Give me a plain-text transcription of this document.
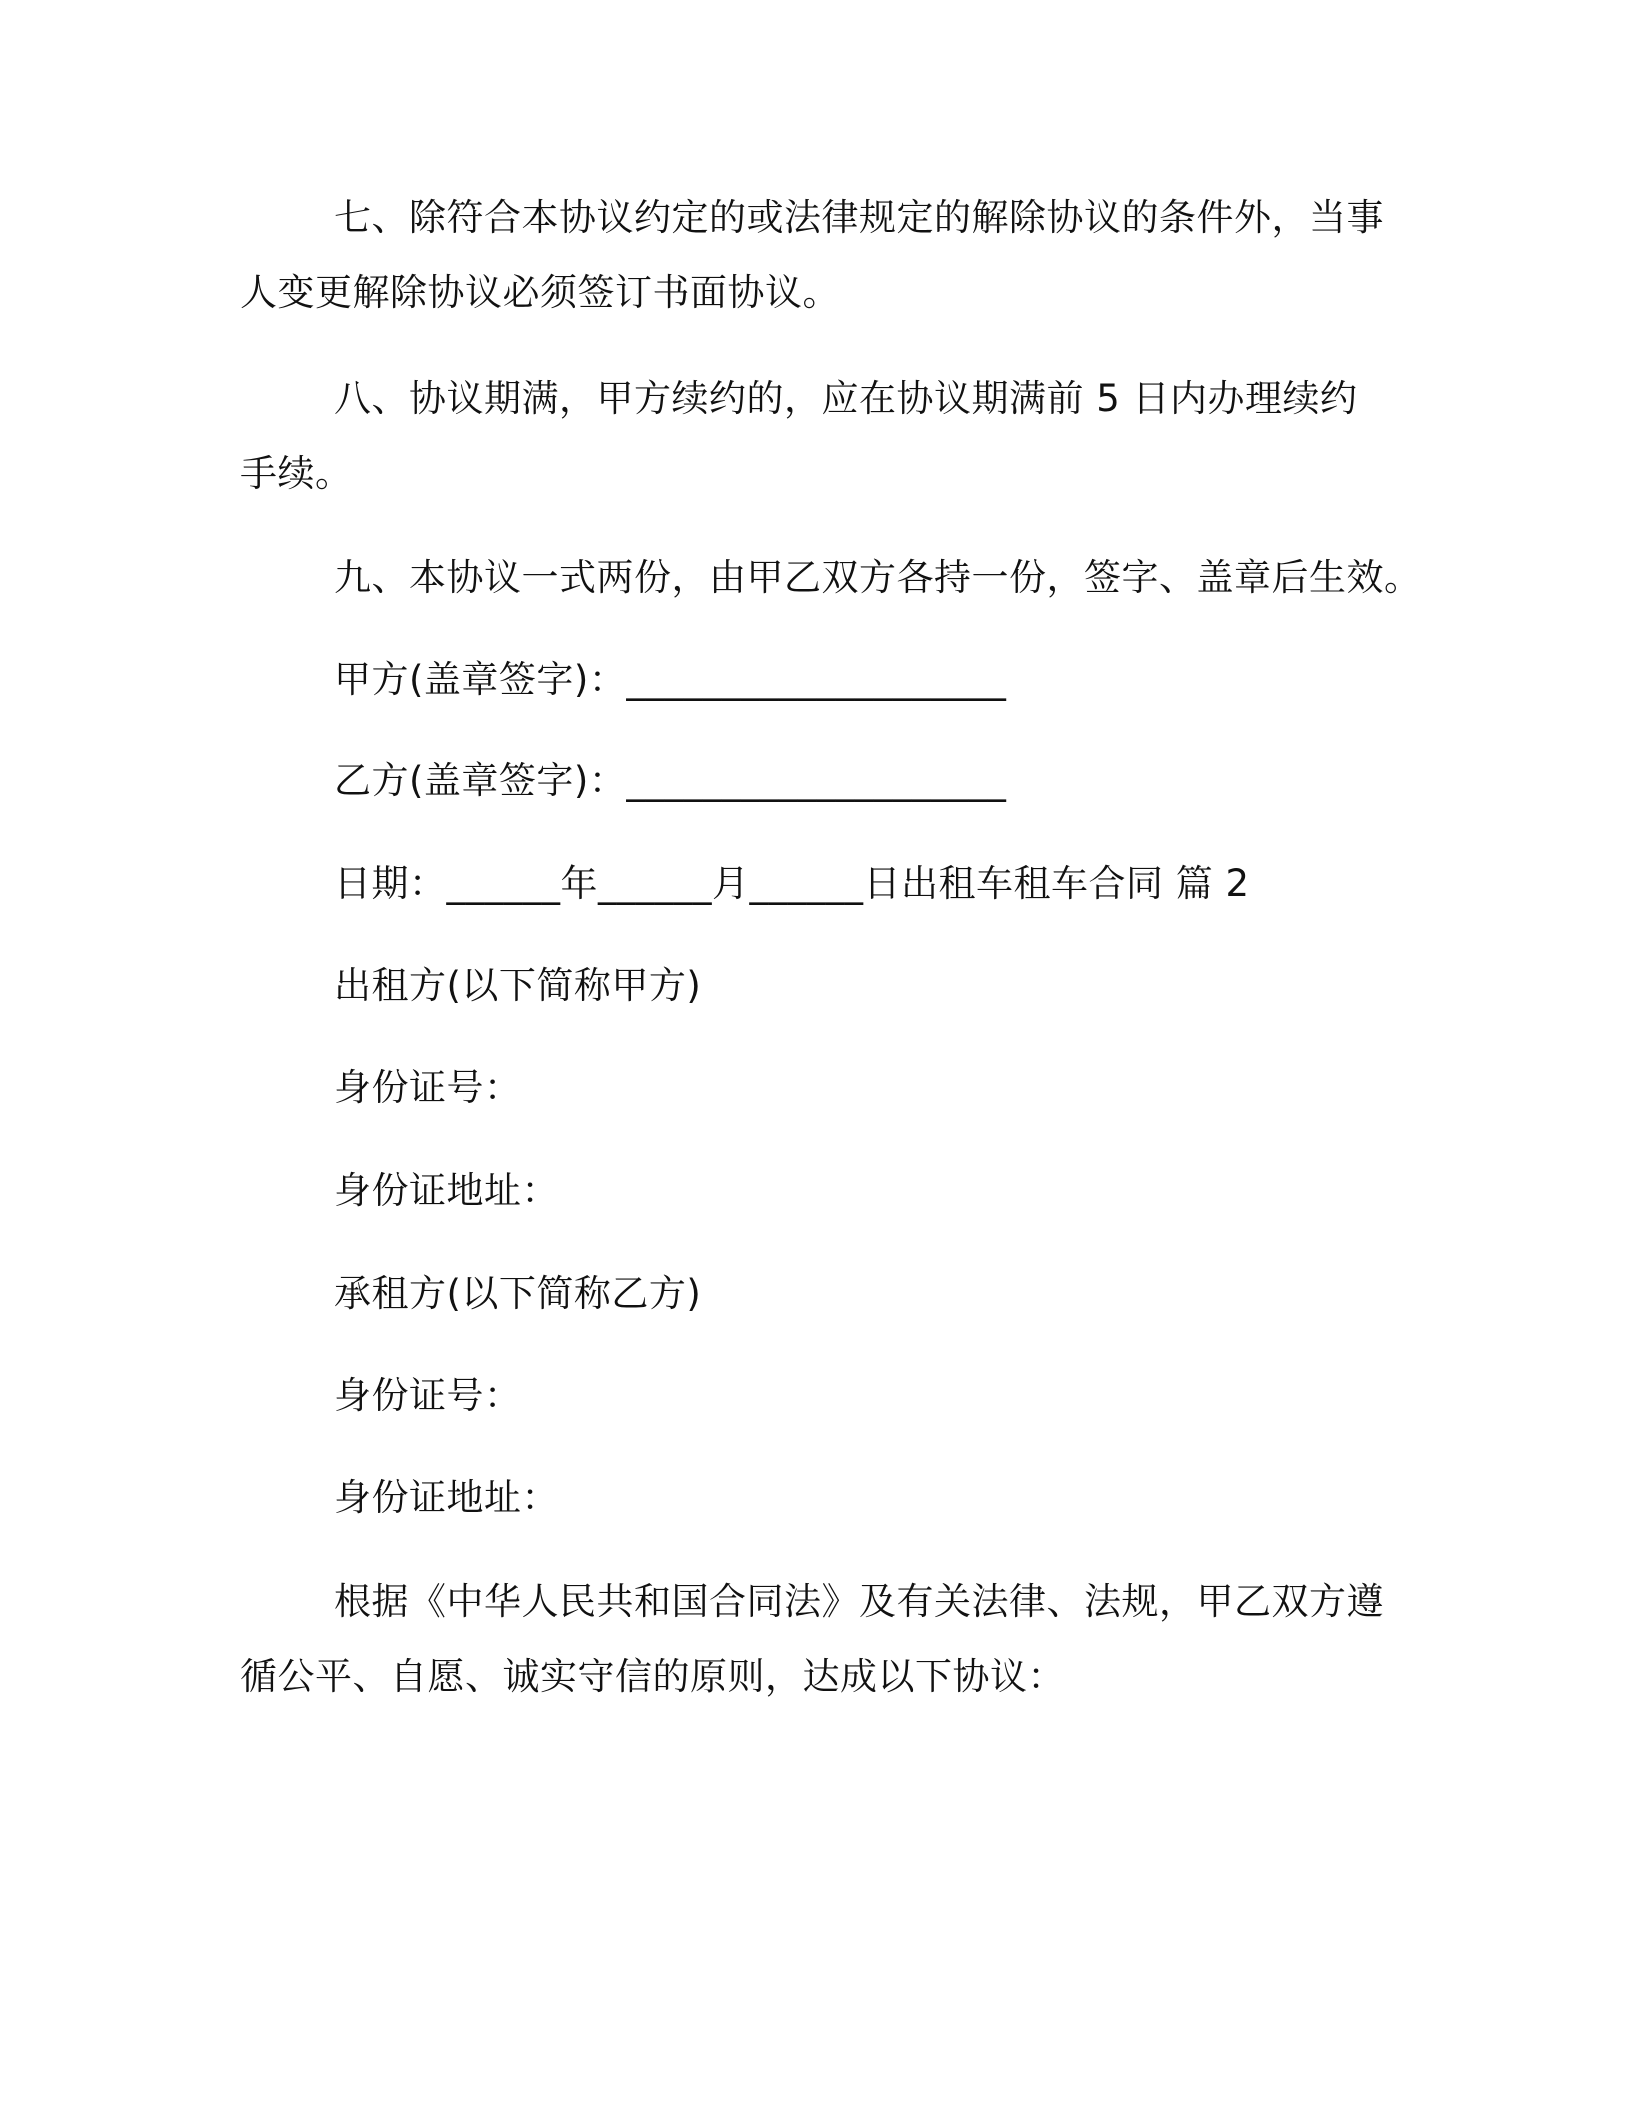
七、除符合本协议约定的或法律规定的解除协议的条件外，当事人变更解除协议必须签订书面协议。

八、协议期满，甲方续约的，应在协议期满前 5 日内办理续约手续。

九、本协议一式两份，由甲乙双方各持一份，签字、盖章后生效。
甲方(盖章签字)：____________________
乙方(盖章签字)：____________________
日期：______年______月______日出租车租车合同 篇 2
出租方(以下简称甲方)
身份证号：
身份证地址：
承租方(以下简称乙方)
身份证号：
身份证地址：

根据《中华人民共和国合同法》及有关法律、法规，甲乙双方遵循公平、自愿、诚实守信的原则，达成以下协议：
